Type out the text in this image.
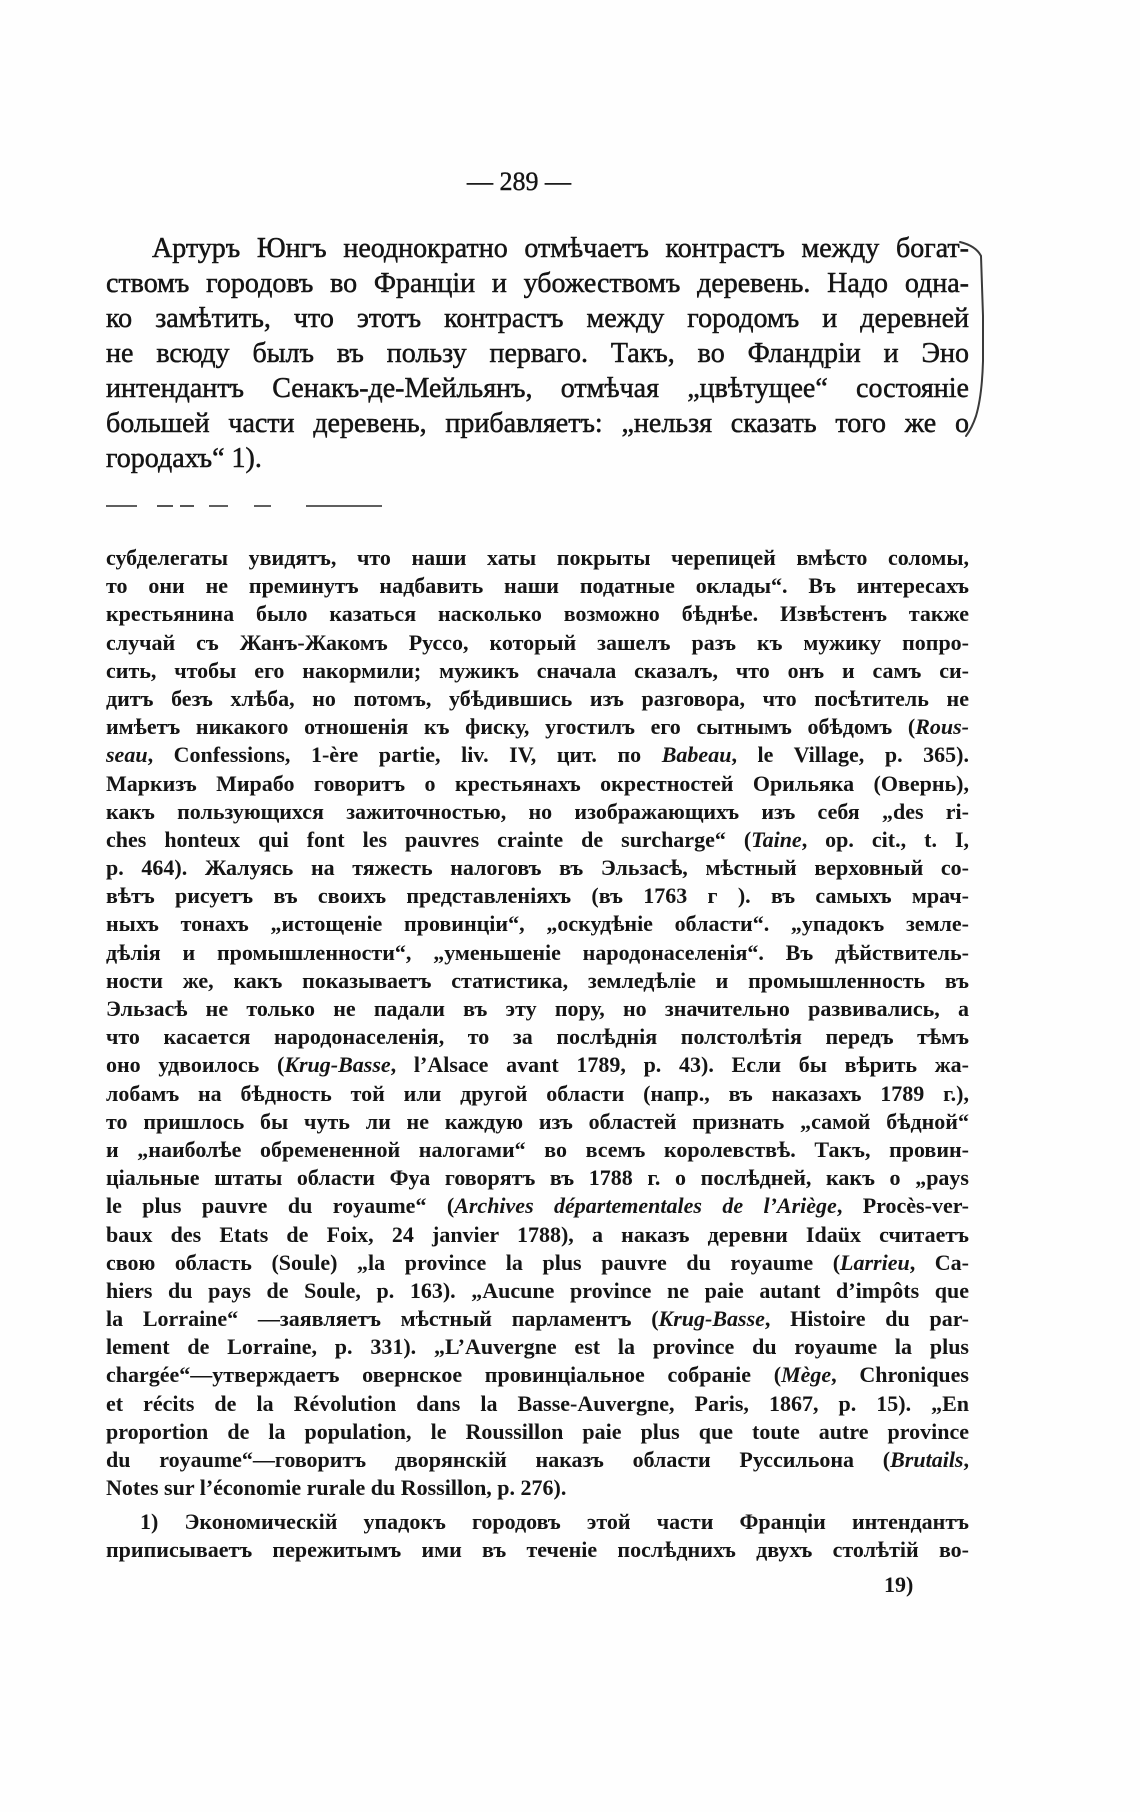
— 289 —
Артуръ Юнгъ неоднократно отмѣчаетъ контрастъ между богат-
ствомъ городовъ во Франціи и убожествомъ деревень. Надо одна-
ко замѣтить, что этотъ контрастъ между городомъ и деревней
не всюду былъ въ пользу перваго. Такъ, во Фландріи и Эно
интендантъ Сенакъ-де-Мейльянъ, отмѣчая „цвѣтущее“ состояніе
большей части деревень, прибавляетъ: „нельзя сказать того же о
городахъ“ 1).
субделегаты увидятъ, что наши хаты покрыты черепицей вмѣсто соломы,
то они не преминутъ надбавить наши податные оклады“. Въ интересахъ
крестьянина было казаться насколько возможно бѣднѣе. Извѣстенъ также
случай съ Жанъ-Жакомъ Руссо, который зашелъ разъ къ мужику попро-
сить, чтобы его накормили; мужикъ сначала сказалъ, что онъ и самъ си-
дитъ безъ хлѣба, но потомъ, убѣдившись изъ разговора, что посѣтитель не
имѣетъ никакого отношенія къ фиску, угостилъ его сытнымъ обѣдомъ (Rous-
seau, Confessions, 1-ère partie, liv. IV, цит. по Babeau, le Village, p. 365).
Маркизъ Мирабо говоритъ о крестьянахъ окрестностей Орильяка (Овернь),
какъ пользующихся зажиточностью, но изображающихъ изъ себя „des ri-
ches honteux qui font les pauvres crainte de surcharge“ (Taine, op. cit., t. I,
p. 464). Жалуясь на тяжесть налоговъ въ Эльзасѣ, мѣстный верховный со-
вѣтъ рисуетъ въ своихъ представленіяхъ (въ 1763 г ). въ самыхъ мрач-
ныхъ тонахъ „истощеніе провинціи“, „оскудѣніе области“. „упадокъ земле-
дѣлія и промышленности“, „уменьшеніе народонаселенія“. Въ дѣйствитель-
ности же, какъ показываетъ статистика, земледѣліе и промышленность въ
Эльзасѣ не только не падали въ эту пору, но значительно развивались, а
что касается народонаселенія, то за послѣднія полстолѣтія передъ тѣмъ
оно удвоилось (Krug-Basse, l’Alsace avant 1789, p. 43). Если бы вѣрить жа-
лобамъ на бѣдность той или другой области (напр., въ наказахъ 1789 г.),
то пришлось бы чуть ли не каждую изъ областей признать „самой бѣдной“
и „наиболѣе обремененной налогами“ во всемъ королевствѣ. Такъ, провин-
ціальные штаты области Фуа говорятъ въ 1788 г. о послѣдней, какъ о „pays
le plus pauvre du royaume“ (Archives départementales de l’Ariège, Procès-ver-
baux des Etats de Foix, 24 janvier 1788), а наказъ деревни Idaüx считаетъ
свою область (Soule) „la province la plus pauvre du royaume (Larrieu, Ca-
hiers du pays de Soule, p. 163). „Aucune province ne paie autant d’impôts que
la Lorraine“ —заявляетъ мѣстный парламентъ (Krug-Basse, Histoire du par-
lement de Lorraine, p. 331). „L’Auvergne est la province du royaume la plus
chargée“—утверждаетъ овернское провинціальное собраніе (Mège, Chroniques
et récits de la Révolution dans la Basse-Auvergne, Paris, 1867, p. 15). „En
proportion de la population, le Roussillon paie plus que toute autre province
du royaume“—говоритъ дворянскій наказъ области Руссильона (Brutails,
Notes sur l’économie rurale du Rossillon, p. 276).
1) Экономическій упадокъ городовъ этой части Франціи интендантъ
приписываетъ пережитымъ ими въ теченіе послѣднихъ двухъ столѣтій во-
19)
